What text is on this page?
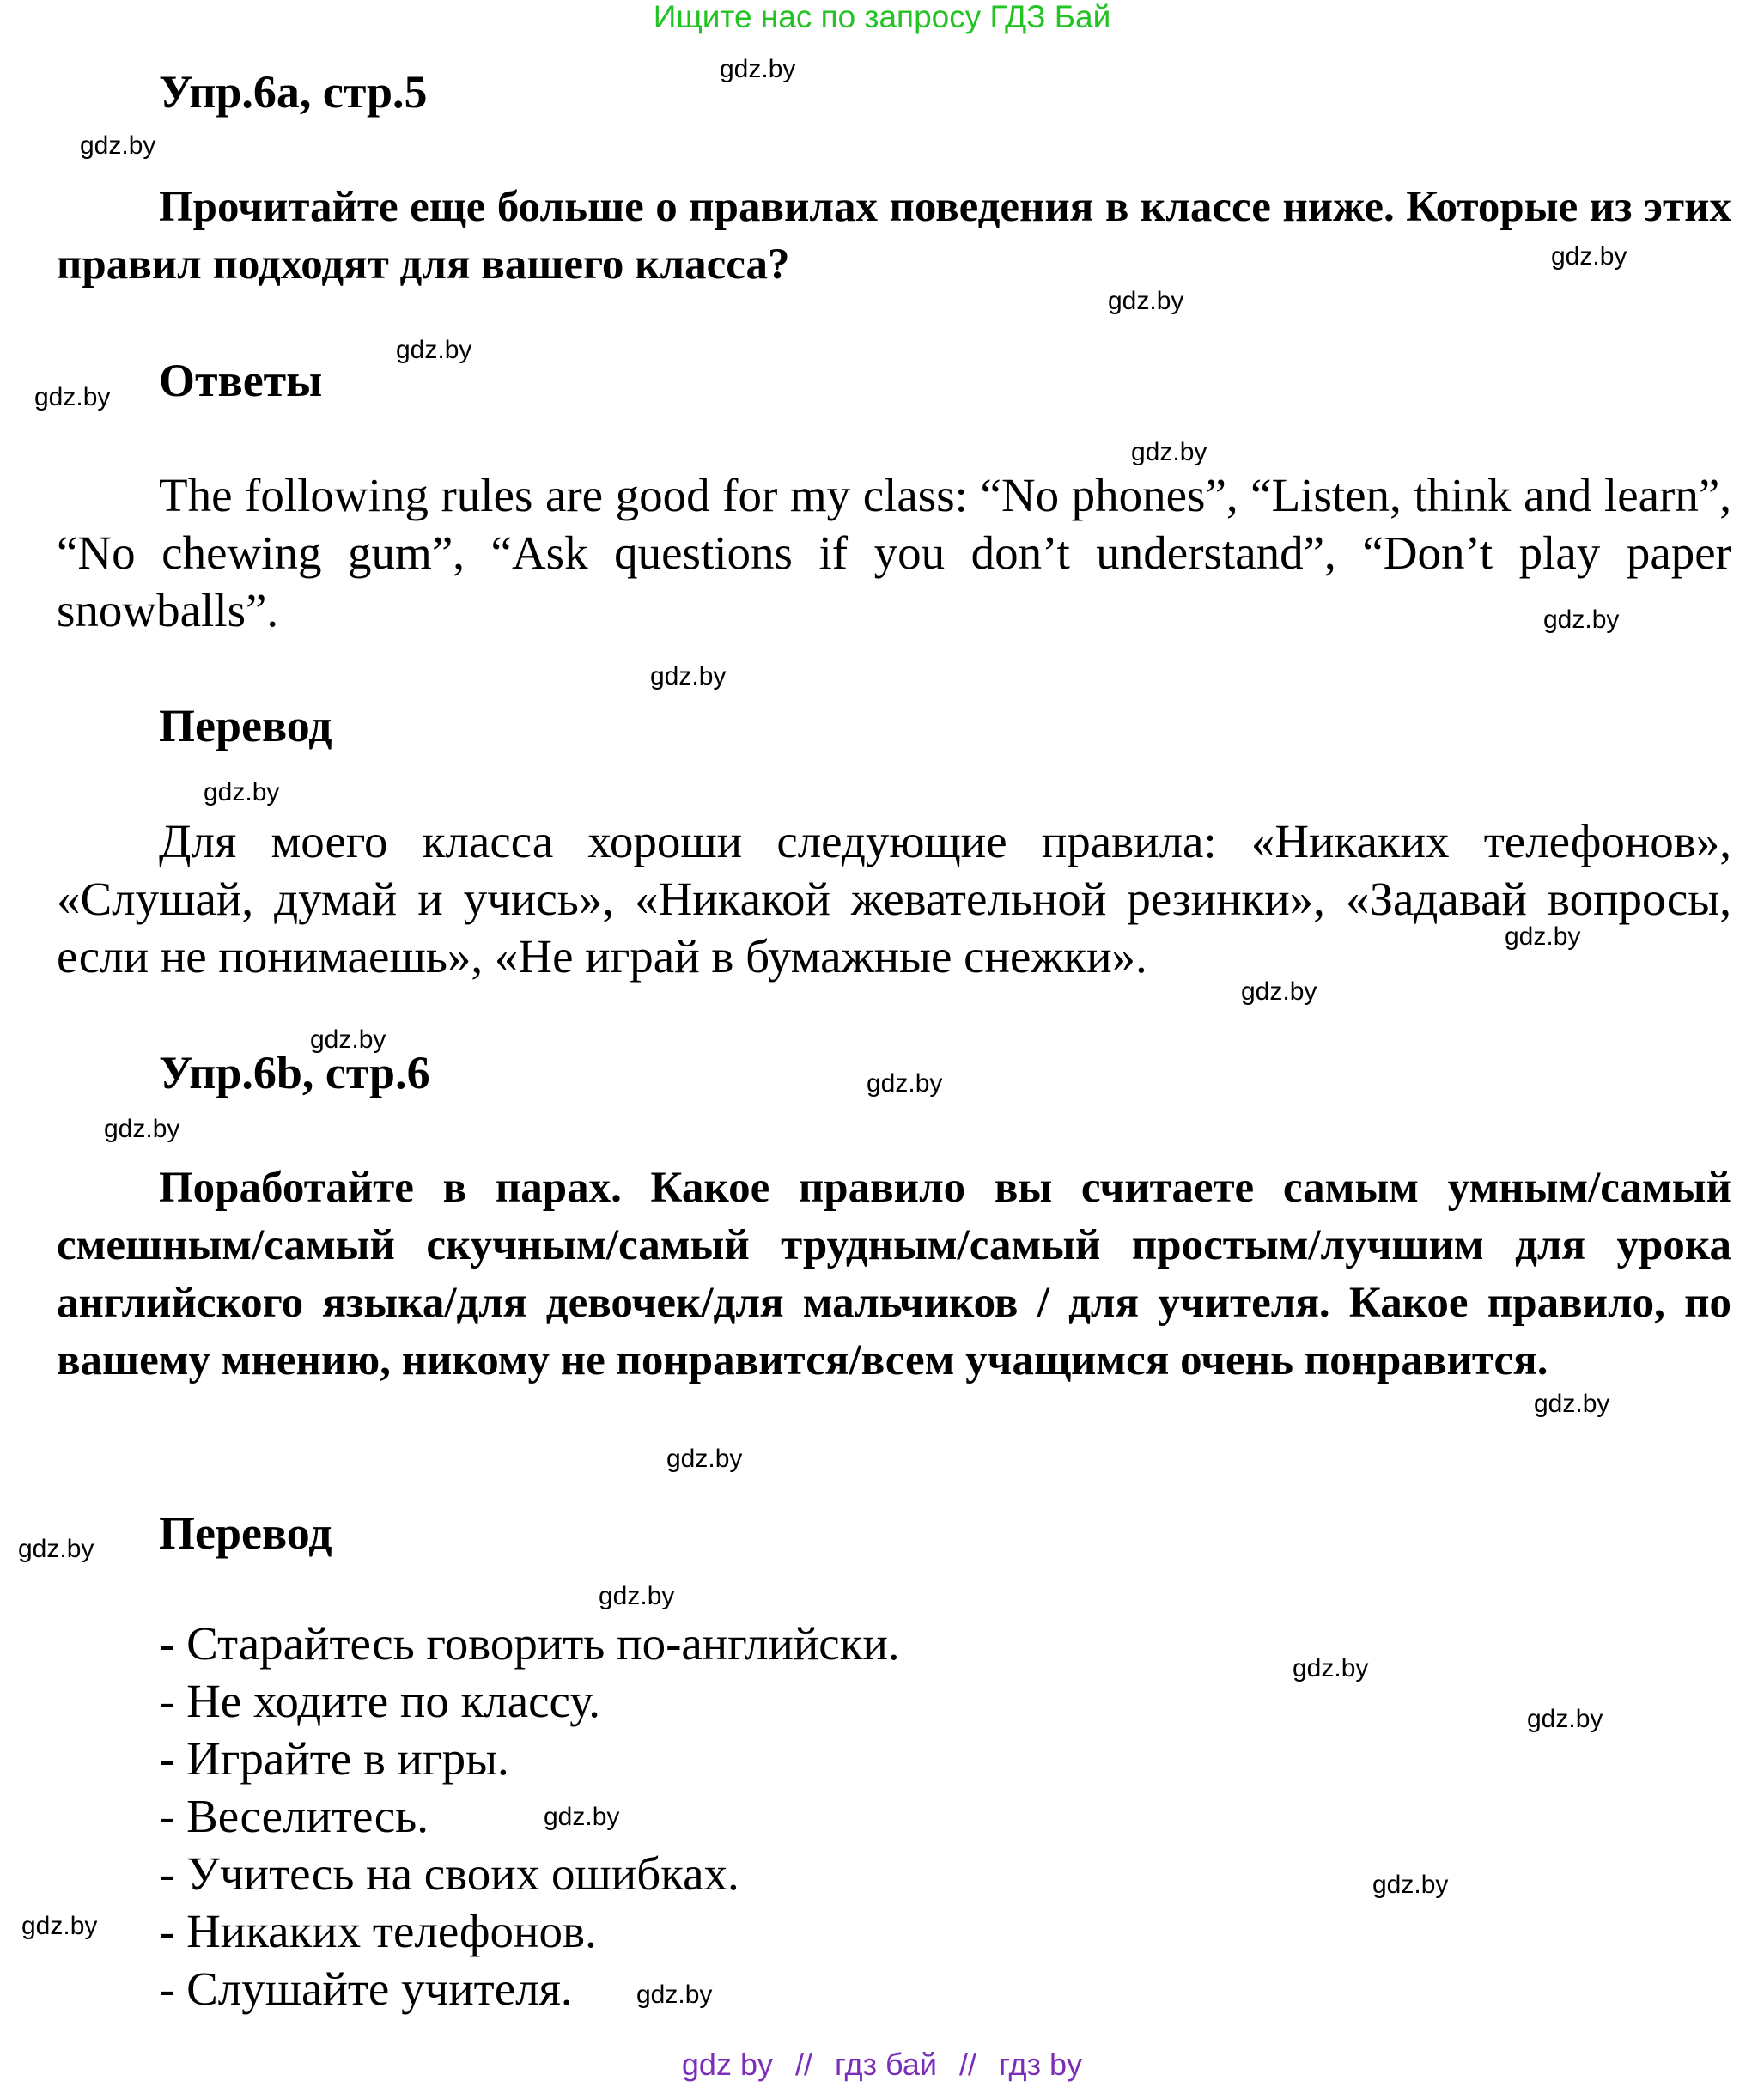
Ищите нас по запросу ГДЗ Бай
Упр.6a, стр.5

Прочитайте еще больше о правилах поведения в классе ниже. Которые из этих правил подходят для вашего класса?

Ответы

The following rules are good for my class: “No phones”, “Listen, think and learn”, “No chewing gum”, “Ask questions if you don’t understand”, “Don’t play paper snowballs”.

Перевод

Для моего класса хороши следующие правила: «Никаких телефонов», «Слушай, думай и учись», «Никакой жевательной резинки», «Задавай вопросы, если не понимаешь», «Не играй в бумажные снежки».

Упр.6b, стр.6

Поработайте в парах. Какое правило вы считаете самым умным/самый смешным/самый скучным/самый трудным/самый простым/лучшим для урока английского языка/для девочек/для мальчиков / для учителя. Какое правило, по вашему мнению, никому не понравится/всем учащимся очень понравится.

Перевод
- Старайтесь говорить по-английски.
- Не ходите по классу.
- Играйте в игры.
- Веселитесь.
- Учитесь на своих ошибках.
- Никаких телефонов.
- Слушайте учителя.
gdz.by
gdz.by
gdz.by
gdz.by
gdz.by
gdz.by
gdz.by
gdz.by
gdz.by
gdz.by
gdz.by
gdz.by
gdz.by
gdz.by
gdz.by
gdz.by
gdz.by
gdz.by
gdz.by
gdz.by
gdz.by
gdz.by
gdz.by
gdz.by
gdz.by
gdz by // гдз бай // гдз by
